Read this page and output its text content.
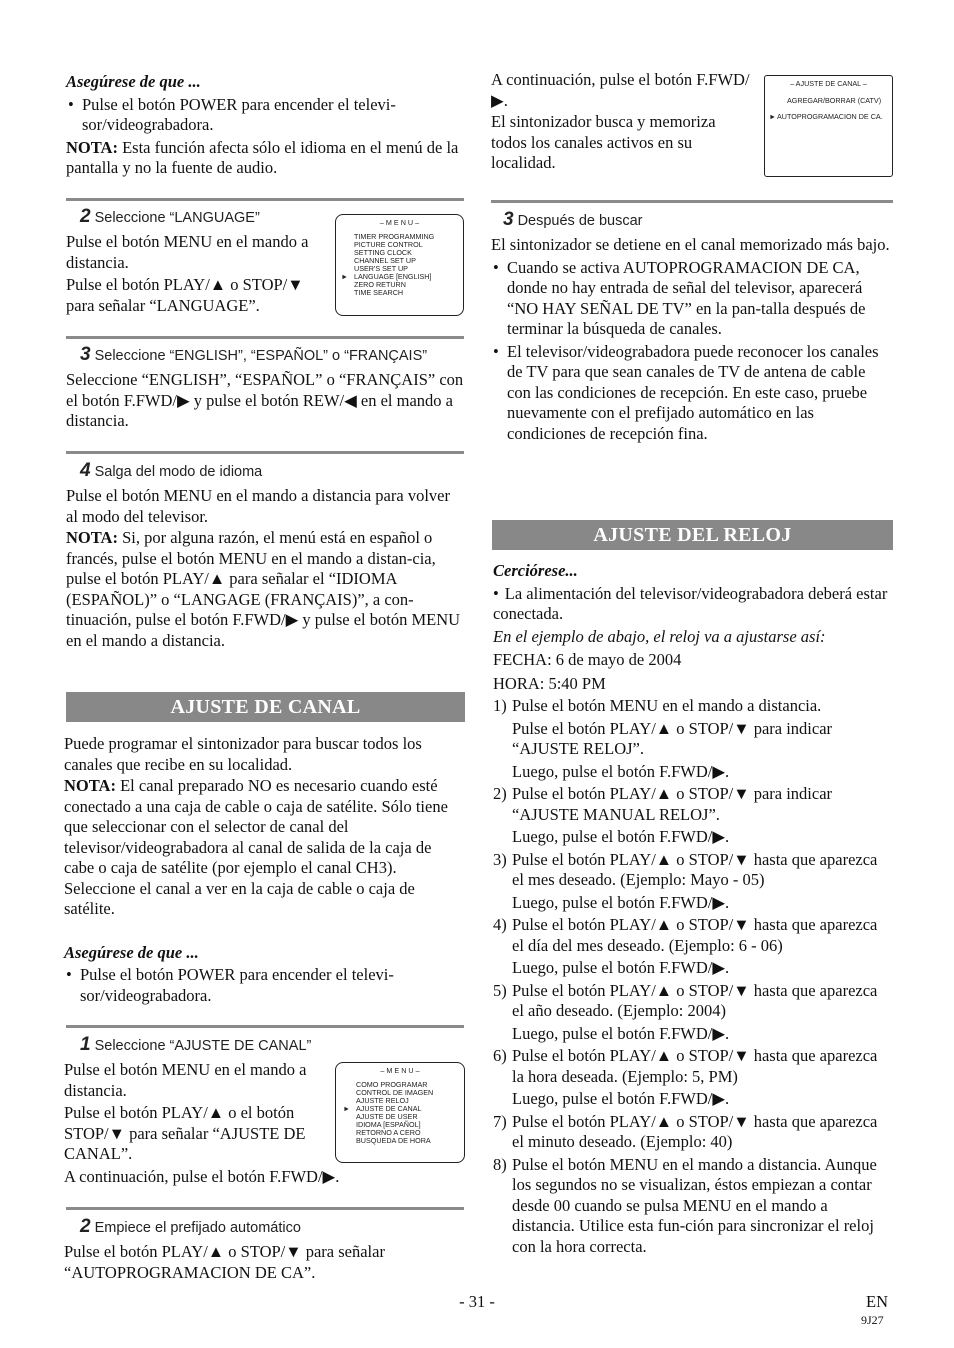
Asegúrese de que ...

• Pulse el botón POWER para encender el televi-sor/videograbadora.

NOTA: Esta función afecta sólo el idioma en el menú de la pantalla y no la fuente de audio.

2 Seleccione “LANGUAGE”

Pulse el botón MENU en el mando a distancia.

Pulse el botón PLAY/▲ o STOP/▼ para señalar “LANGUAGE”.

– M E N U –
TIMER PROGRAMMING
PICTURE CONTROL
SETTING CLOCK
CHANNEL SET UP
USER'S SET UP
► LANGUAGE [ENGLISH]
ZERO RETURN
TIME SEARCH
3 Seleccione “ENGLISH”, “ESPAÑOL” o “FRANÇAIS”

Seleccione “ENGLISH”, “ESPAÑOL” o “FRANÇAIS” con el botón F.FWD/▶ y pulse el botón REW/◀ en el mando a distancia.

4 Salga del modo de idioma

Pulse el botón MENU en el mando a distancia para volver al modo del televisor.

NOTA: Si, por alguna razón, el menú está en español o francés, pulse el botón MENU en el mando a distan-cia, pulse el botón PLAY/▲ para señalar el “IDIOMA (ESPAÑOL)” o “LANGAGE (FRANÇAIS)”, a con-tinuación, pulse el botón F.FWD/▶ y pulse el botón MENU en el mando a distancia.

AJUSTE DE CANAL

Puede programar el sintonizador para buscar todos los canales que recibe en su localidad.

NOTA: El canal preparado NO es necesario cuando esté conectado a una caja de cable o caja de satélite. Sólo tiene que seleccionar con el selector de canal del televisor/videograbadora al canal de salida de la caja de cabe o caja de satélite (por ejemplo el canal CH3). Seleccione el canal a ver en la caja de cable o caja de satélite.

Asegúrese de que ...

• Pulse el botón POWER para encender el televi-sor/videograbadora.

1 Seleccione “AJUSTE DE CANAL”

Pulse el botón MENU en el mando a distancia.

Pulse el botón PLAY/▲ o el botón STOP/▼ para señalar “AJUSTE DE CANAL”.

A continuación, pulse el botón F.FWD/▶.

– M E N U –
COMO PROGRAMAR
CONTROL DE IMAGEN
AJUSTE RELOJ
► AJUSTE DE CANAL
AJUSTE DE USER
IDIOMA [ESPAÑOL]
RETORNO A CERO
BUSQUEDA DE HORA
2 Empiece el prefijado automático

Pulse el botón PLAY/▲ o STOP/▼ para señalar “AUTOPROGRAMACION DE CA”.

A continuación, pulse el botón F.FWD/▶.

El sintonizador busca y memoriza todos los canales activos en su localidad.

– AJUSTE DE CANAL –
AGREGAR/BORRAR (CATV)
► AUTOPROGRAMACION DE CA.
3 Después de buscar

El sintonizador se detiene en el canal memorizado más bajo.

• Cuando se activa AUTOPROGRAMACION DE CA, donde no hay entrada de señal del televisor, aparecerá “NO HAY SEÑAL DE TV” en la pan-talla después de terminar la búsqueda de canales.

• El televisor/videograbadora puede reconocer los canales de TV para que sean canales de TV de antena de cable con las condiciones de recepción. En este caso, pruebe nuevamente con el prefijado automático en las condiciones de recepción fina.

AJUSTE DEL RELOJ

Cerciórese...

• La alimentación del televisor/videograbadora deberá estar conectada.

En el ejemplo de abajo, el reloj va a ajustarse así:

FECHA: 6 de mayo de 2004

HORA: 5:40 PM

1) Pulse el botón MENU en el mando a distancia.
Pulse el botón PLAY/▲ o STOP/▼ para indicar “AJUSTE RELOJ”.
Luego, pulse el botón F.FWD/▶.
2) Pulse el botón PLAY/▲ o STOP/▼ para indicar “AJUSTE MANUAL RELOJ”.
Luego, pulse el botón F.FWD/▶.
3) Pulse el botón PLAY/▲ o STOP/▼ hasta que aparezca el mes deseado. (Ejemplo: Mayo - 05)
Luego, pulse el botón F.FWD/▶.
4) Pulse el botón PLAY/▲ o STOP/▼ hasta que aparezca el día del mes deseado. (Ejemplo: 6 - 06)
Luego, pulse el botón F.FWD/▶.
5) Pulse el botón PLAY/▲ o STOP/▼ hasta que aparezca el año deseado. (Ejemplo: 2004)
Luego, pulse el botón F.FWD/▶.
6) Pulse el botón PLAY/▲ o STOP/▼ hasta que aparezca la hora deseada. (Ejemplo: 5, PM)
Luego, pulse el botón F.FWD/▶.
7) Pulse el botón PLAY/▲ o STOP/▼ hasta que aparezca el minuto deseado. (Ejemplo: 40)
8) Pulse el botón MENU en el mando a distancia. Aunque los segundos no se visualizan, éstos empiezan a contar desde 00 cuando se pulsa MENU en el mando a distancia. Utilice esta fun-ción para sincronizar el reloj con la hora correcta.
- 31 -	EN
9J27
